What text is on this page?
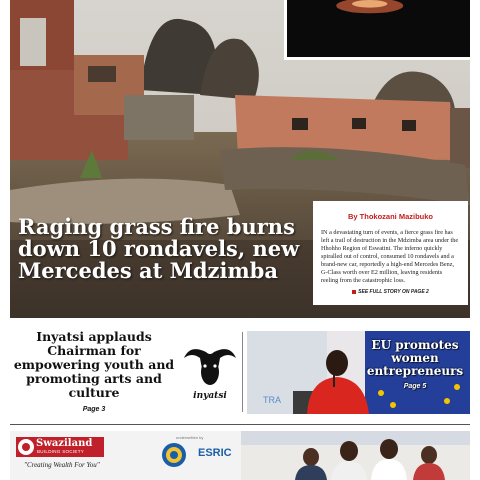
Raging grass fire burns down 10 rondavels, new Mercedes at Mdzimba
By Thokozani Mazibuko
IN a devastating turn of events, a fierce grass fire has left a trail of destruction in the Mdzimba area under the Hhohho Region of Eswatini. The inferno quickly spiralled out of control, consumed 10 rondavels and a brand-new car, reportedly a high-end Mercedes Benz, G-Class worth over E2 million, leaving residents reeling from the catastrophic loss.
SEE FULL STORY ON PAGE 2
Inyatsi applauds Chairman for empowering youth and promoting arts and culture
Page 3
inyatsi	TRA
EU promotes women entrepreneurs
Page 5
Swaziland
BUILDING SOCIETY
"Creating Wealth For You"
underwritten by
ESRIC
